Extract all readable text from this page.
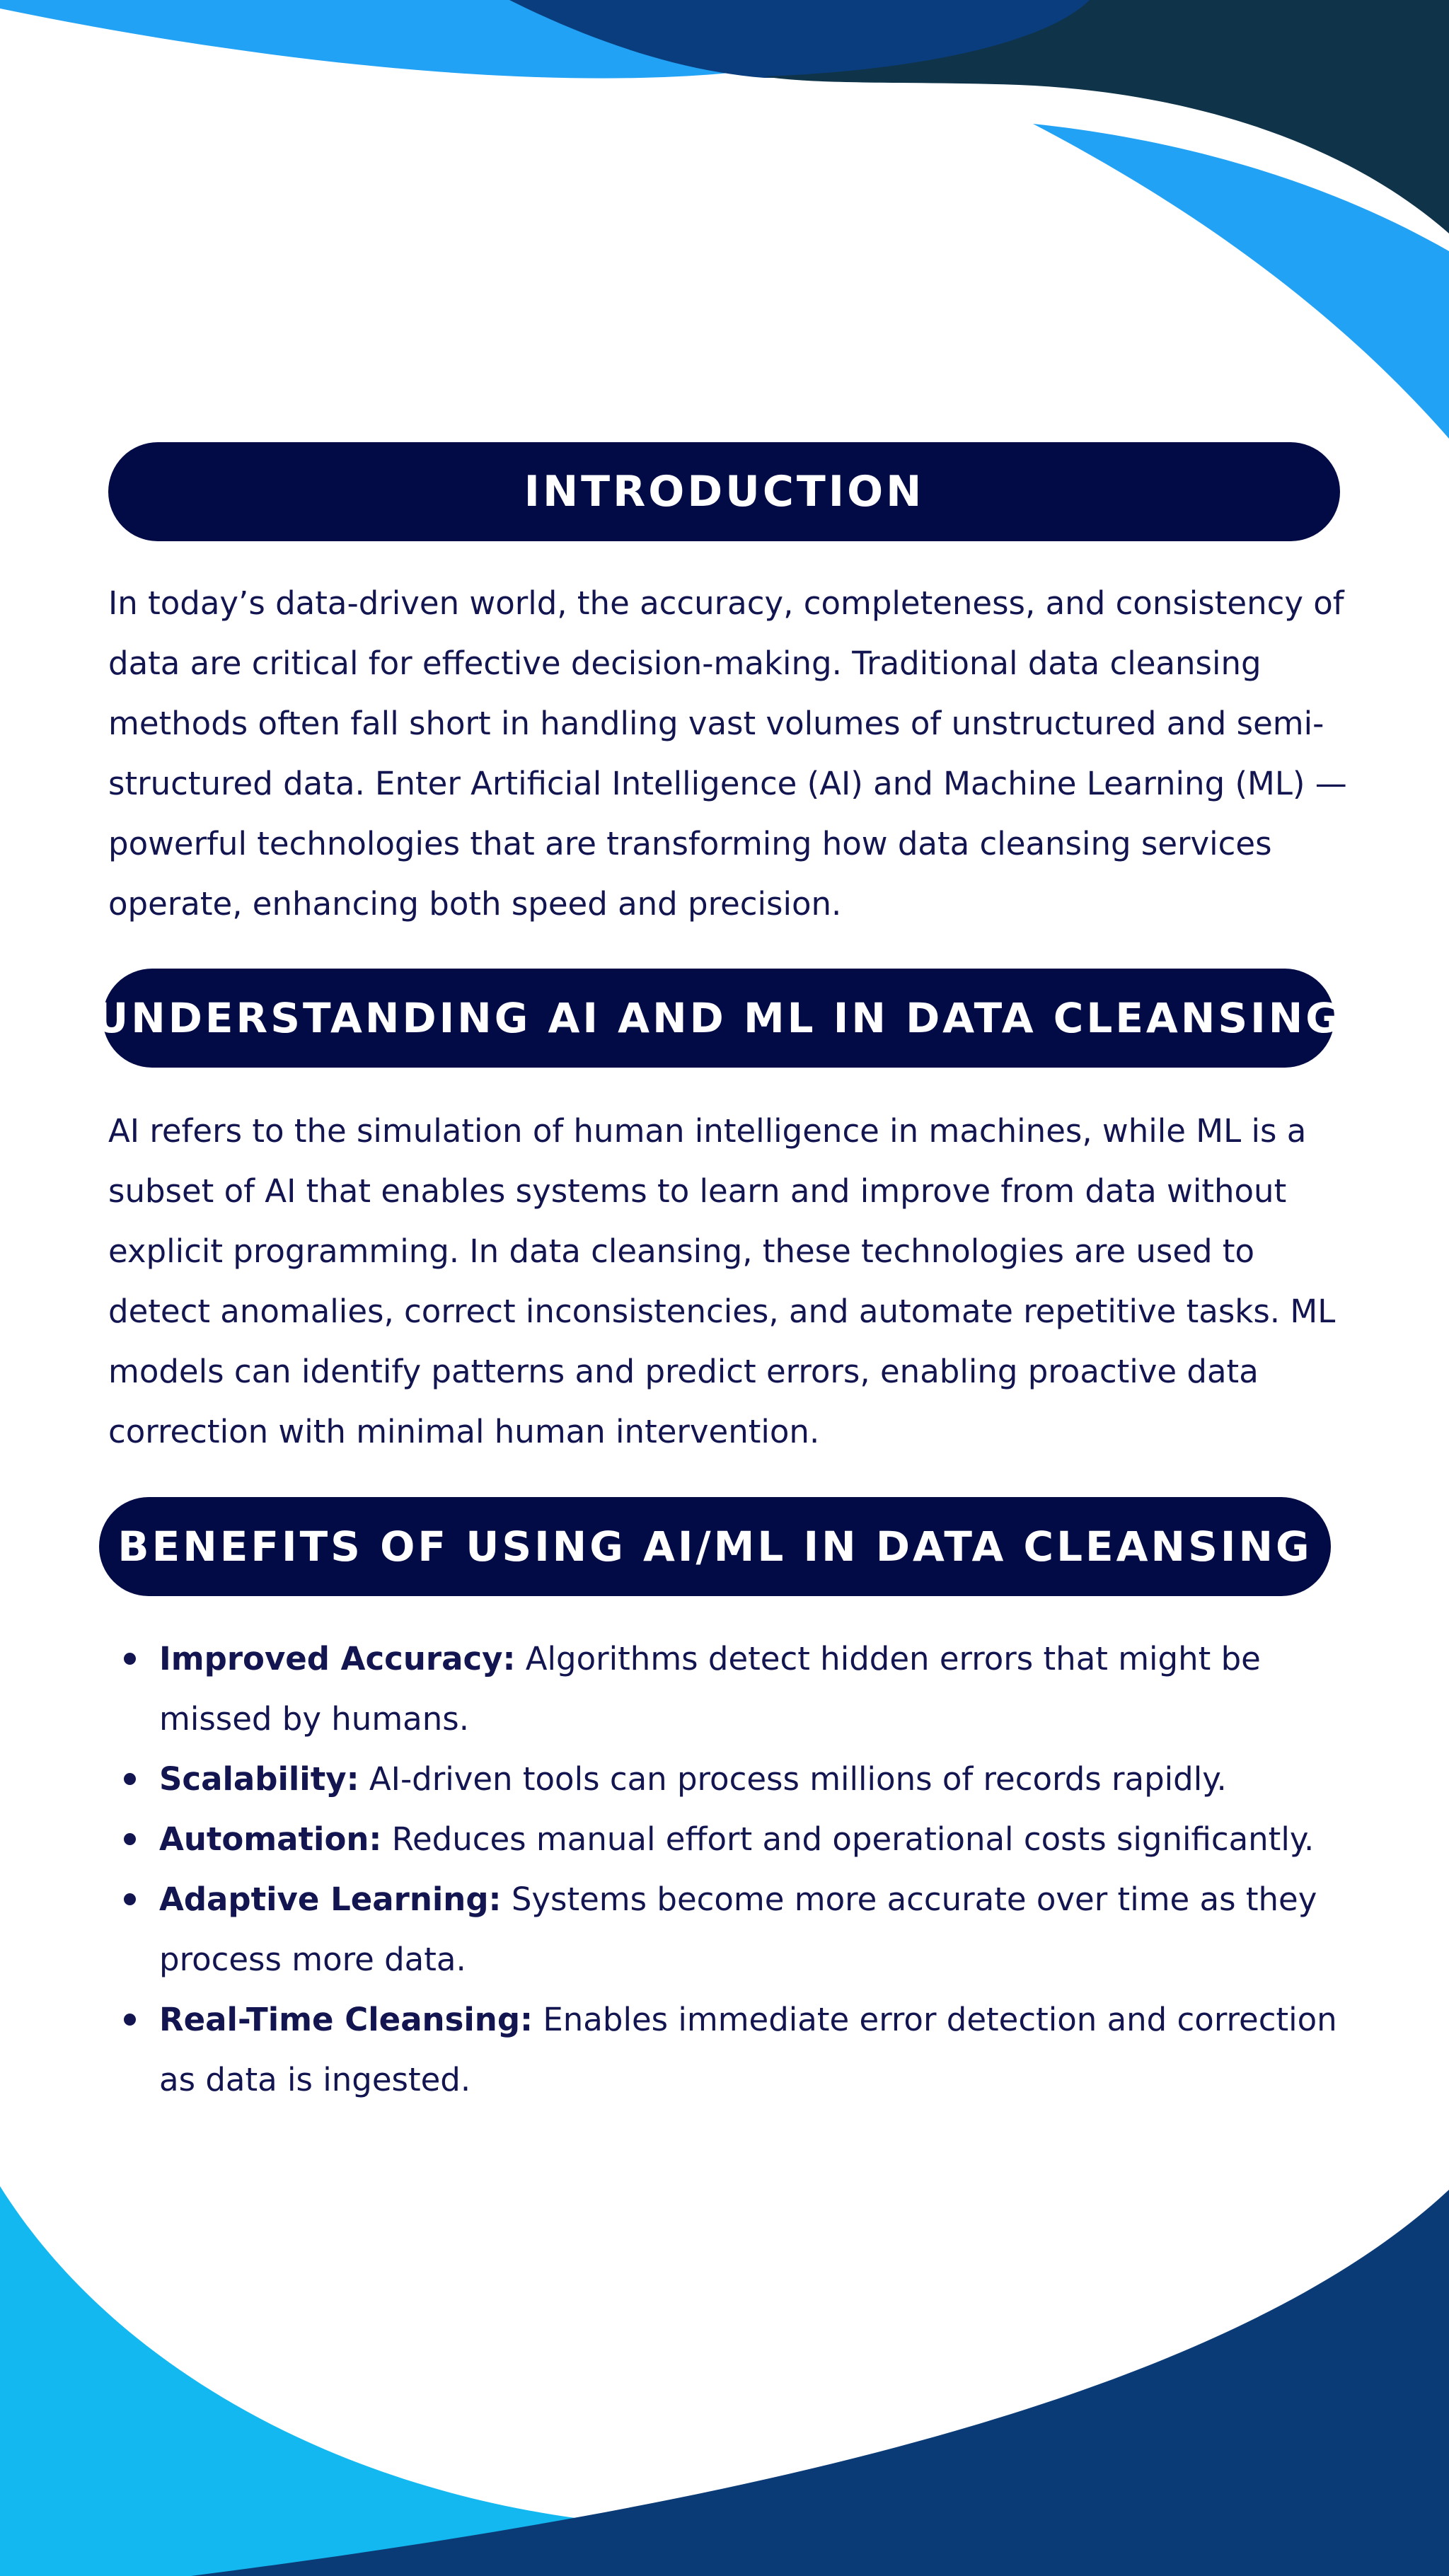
INTRODUCTION

In today’s data-driven world, the accuracy, completeness, and consistency of data are critical for effective decision-making. Traditional data cleansing methods often fall short in handling vast volumes of unstructured and semi-structured data. Enter Artificial Intelligence (AI) and Machine Learning (ML) — powerful technologies that are transforming how data cleansing services operate, enhancing both speed and precision.

UNDERSTANDING AI AND ML IN DATA CLEANSING

AI refers to the simulation of human intelligence in machines, while ML is a subset of AI that enables systems to learn and improve from data without explicit programming. In data cleansing, these technologies are used to detect anomalies, correct inconsistencies, and automate repetitive tasks. ML models can identify patterns and predict errors, enabling proactive data correction with minimal human intervention.

BENEFITS OF USING AI/ML IN DATA CLEANSING
Improved Accuracy: Algorithms detect hidden errors that might be missed by humans.
Scalability: AI-driven tools can process millions of records rapidly.
Automation: Reduces manual effort and operational costs significantly.
Adaptive Learning: Systems become more accurate over time as they process more data.
Real-Time Cleansing: Enables immediate error detection and correction as data is ingested.
